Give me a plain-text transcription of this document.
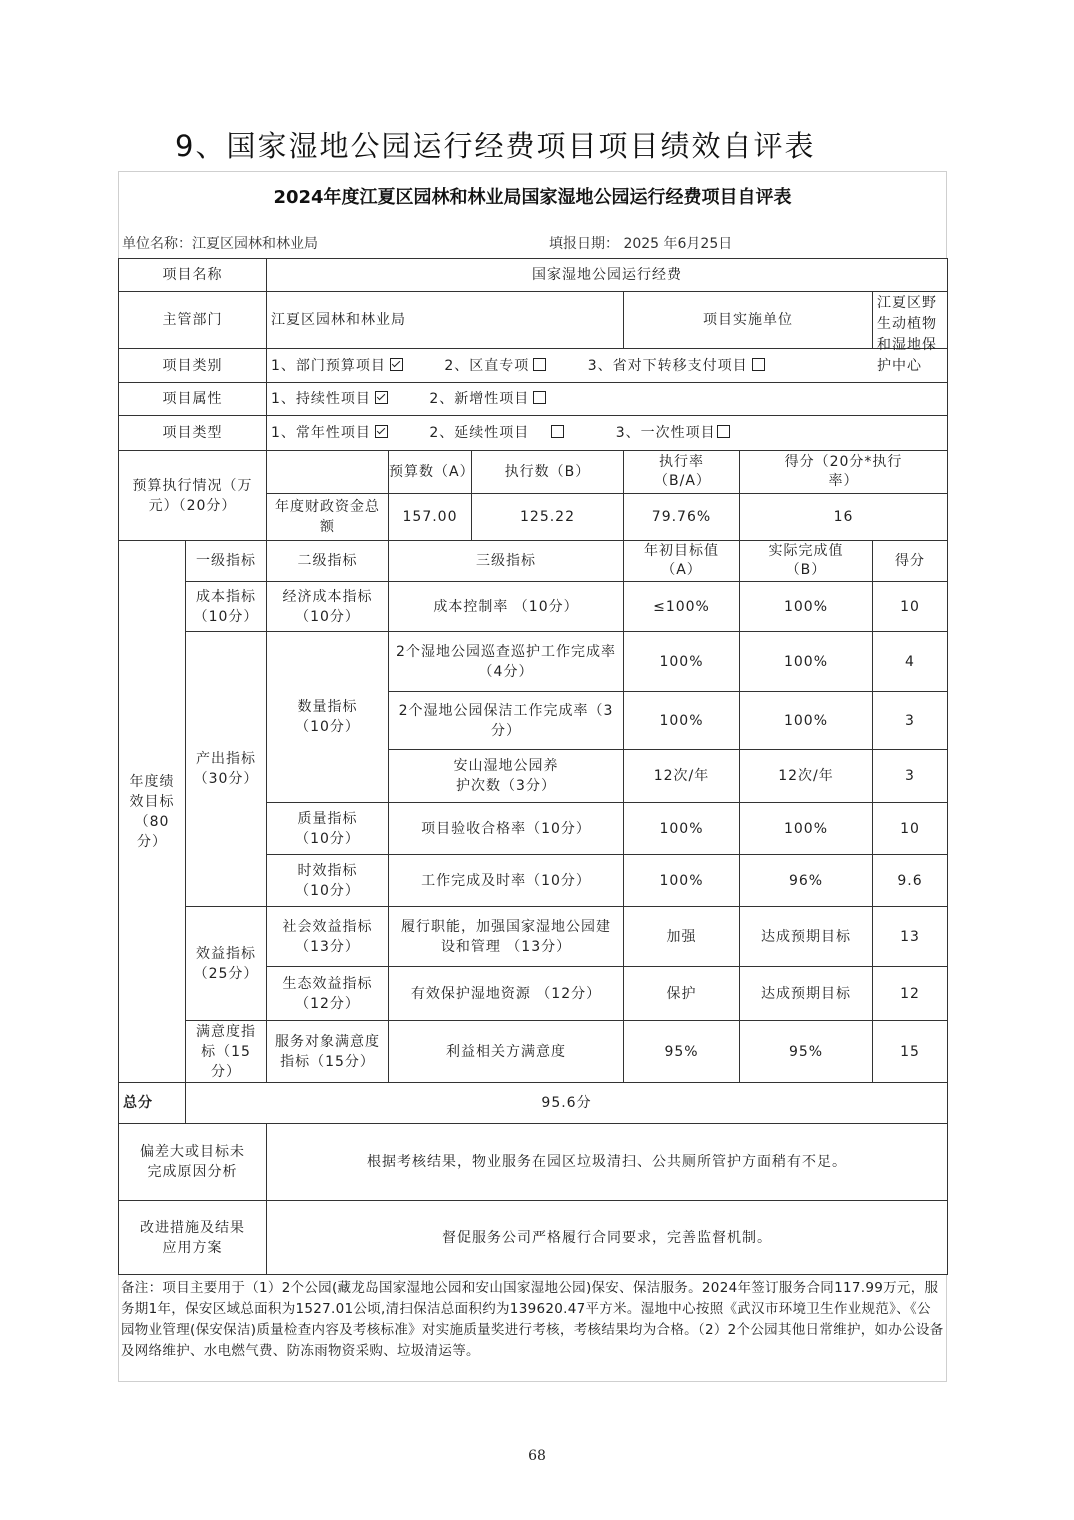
9、国家湿地公园运行经费项目项目绩效自评表
2024年度江夏区园林和林业局国家湿地公园运行经费项目自评表
单位名称：江夏区园林和林业局	填报日期： 2025 年6月25日
项目名称		国家湿地公园运行经费				
主管部门		江夏区园林和林业局		项目实施单位		江夏区野生动植物和湿地保护中心

项目类别		1、部门预算项目 2、区直专项 3、省对下转移支付项目				
项目属性		1、持续性项目 2、新增性项目				
项目类型		1、常年性项目 2、延续性项目 3、一次性项目				
预算执行情况（万元）（20分）			预算数（A） 执行数（B）	执行率（B/A）	得分（20分*执行率）	
		年度财政资金总额	157.00 125.22	79.76%	16	
年度绩效目标（80分）	一级指标	二级指标	三级指标	年初目标值（A）	实际完成值（B）	得分
	成本指标（10分）	经济成本指标（10分）	成本控制率 （10分）	≤100%	100%	10
	产出指标（30分）	数量指标（10分）	2个湿地公园巡查巡护工作完成率（4分）	100%	100%	4
			2个湿地公园保洁工作完成率（3分）	100%	100%	3
			安山湿地公园养护次数（3分）	12次/年	12次/年	3
		质量指标（10分）	项目验收合格率（10分）	100%	100%	10
		时效指标（10分）	工作完成及时率（10分）	100%	96%	9.6
	效益指标（25分）	社会效益指标（13分）	履行职能，加强国家湿地公园建设和管理 （13分）	加强	达成预期目标	13
		生态效益指标（12分）	有效保护湿地资源 （12分）	保护	达成预期目标	12
	满意度指标（15分）	服务对象满意度指标（15分）	利益相关方满意度	95%	95%	15
总分	95.6分					
偏差大或目标未完成原因分析		根据考核结果，物业服务在园区垃圾清扫、公共厕所管护方面稍有不足。				
改进措施及结果应用方案		督促服务公司严格履行合同要求，完善监督机制。				
备注：项目主要用于（1）2个公园(藏龙岛国家湿地公园和安山国家湿地公园)保安、保洁服务。2024年签订服务合同117.99万元，服务期1年，保安区域总面积为1527.01公顷,清扫保洁总面积约为139620.47平方米。湿地中心按照《武汉市环境卫生作业规范》、《公园物业管理(保安保洁)质量检查内容及考核标准》对实施质量奖进行考核，考核结果均为合格。（2）2个公园其他日常维护，如办公设备及网络维护、水电燃气费、防冻雨物资采购、垃圾清运等。
68
